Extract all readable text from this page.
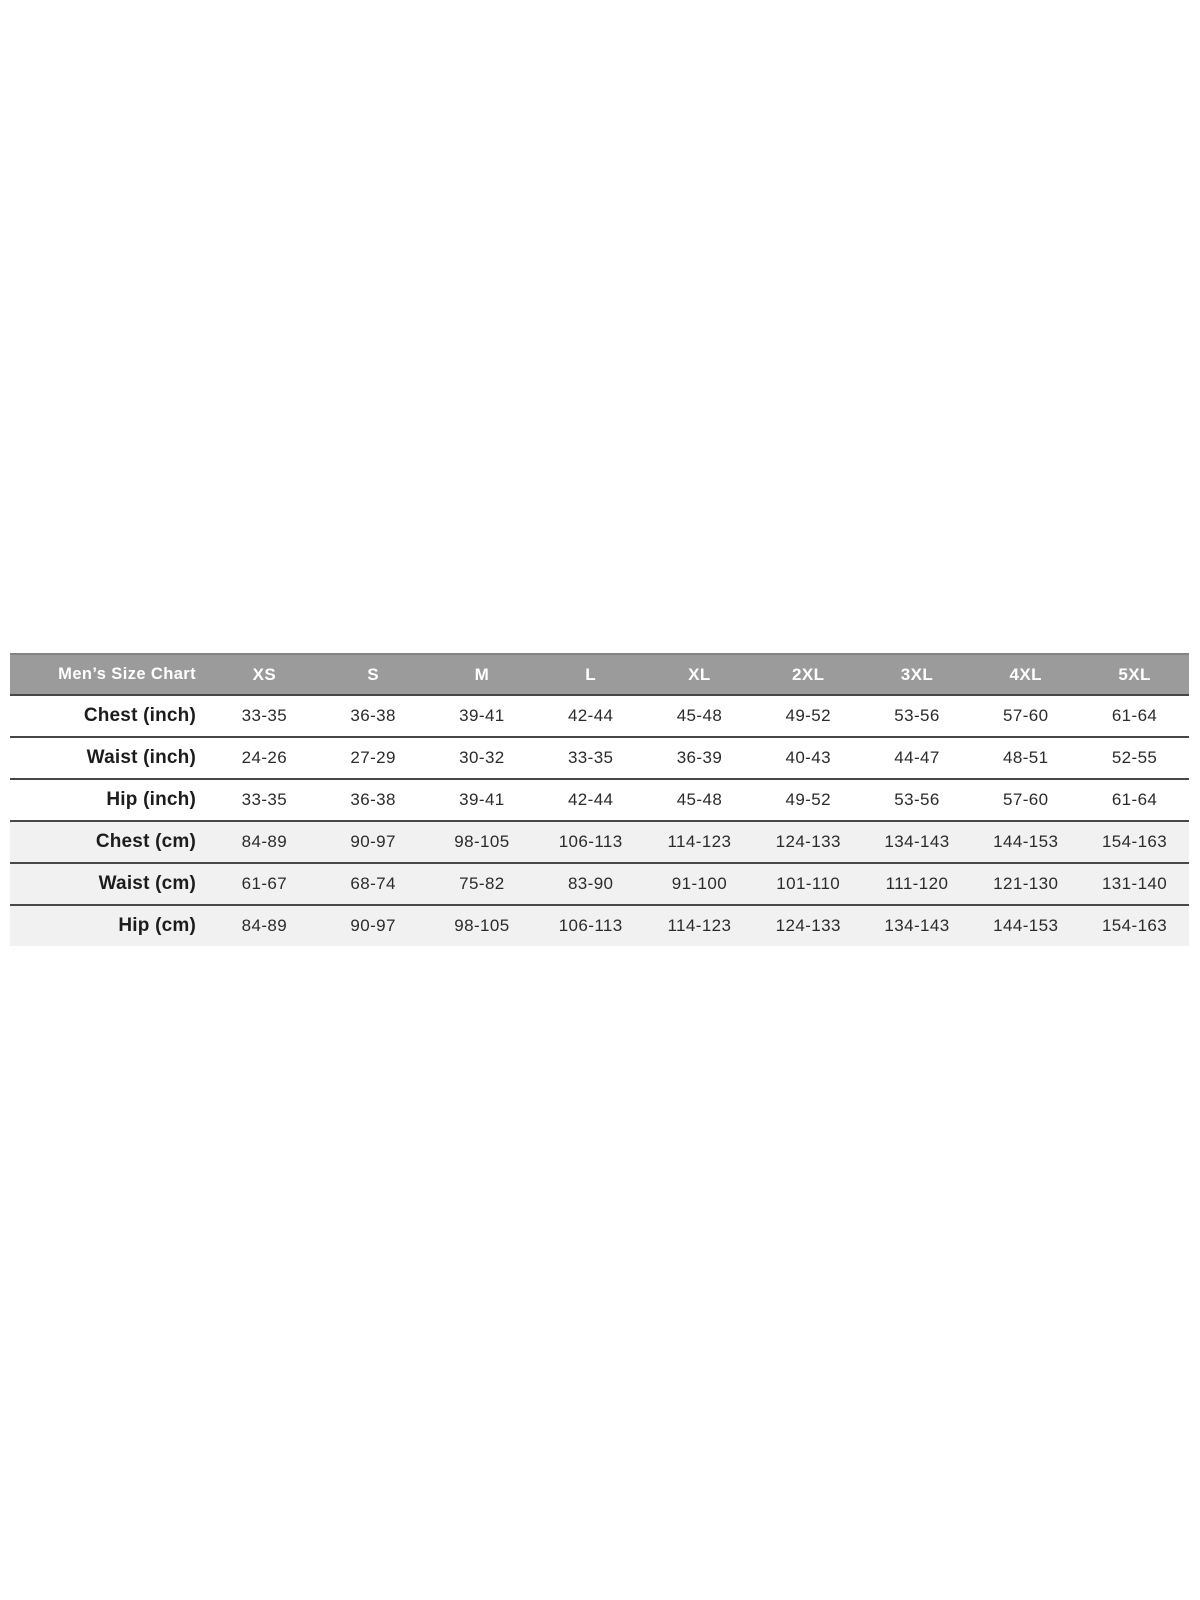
Men’s Size Chart	XS	S	M	L	XL	2XL	3XL	4XL	5XL
Chest (inch)	33-35	36-38	39-41	42-44	45-48	49-52	53-56	57-60	61-64
Waist (inch)	24-26	27-29	30-32	33-35	36-39	40-43	44-47	48-51	52-55
Hip (inch)	33-35	36-38	39-41	42-44	45-48	49-52	53-56	57-60	61-64
Chest (cm)	84-89	90-97	98-105	106-113	114-123	124-133	134-143	144-153	154-163
Waist (cm)	61-67	68-74	75-82	83-90	91-100	101-110	111-120	121-130	131-140
Hip (cm)	84-89	90-97	98-105	106-113	114-123	124-133	134-143	144-153	154-163
